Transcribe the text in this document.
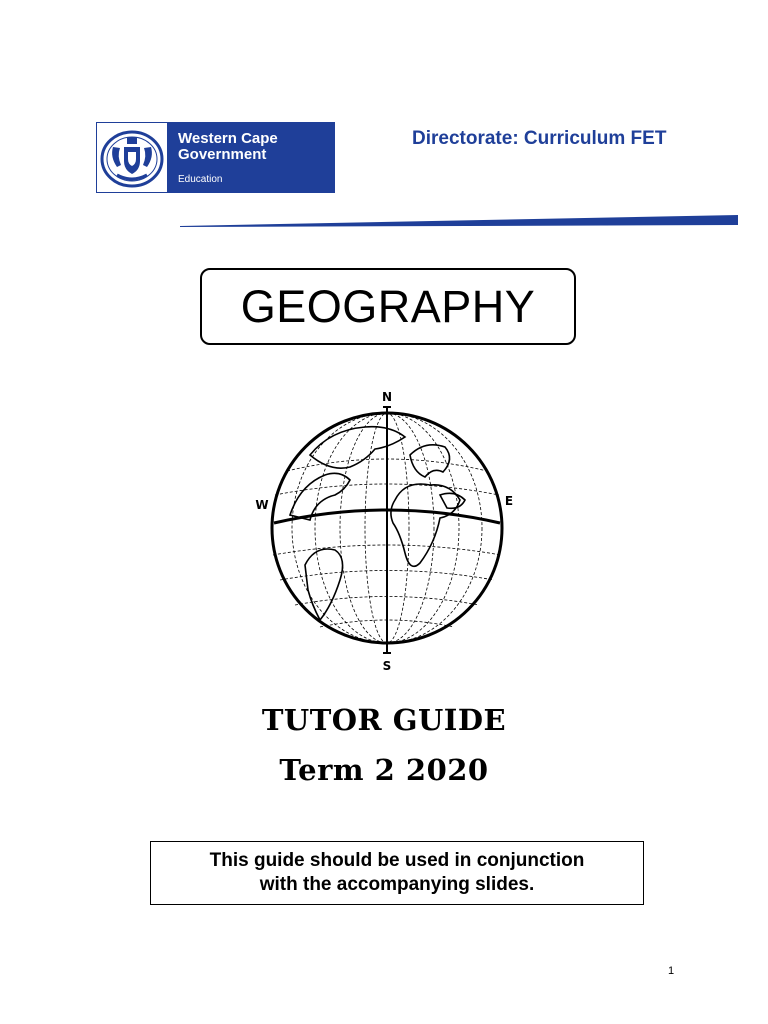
Western Cape
Government
Education
Directorate: Curriculum FET
GEOGRAPHY
N
S
W	E
TUTOR GUIDE
Term 2 2020
This guide should be used in conjunction
with the accompanying slides.
1
